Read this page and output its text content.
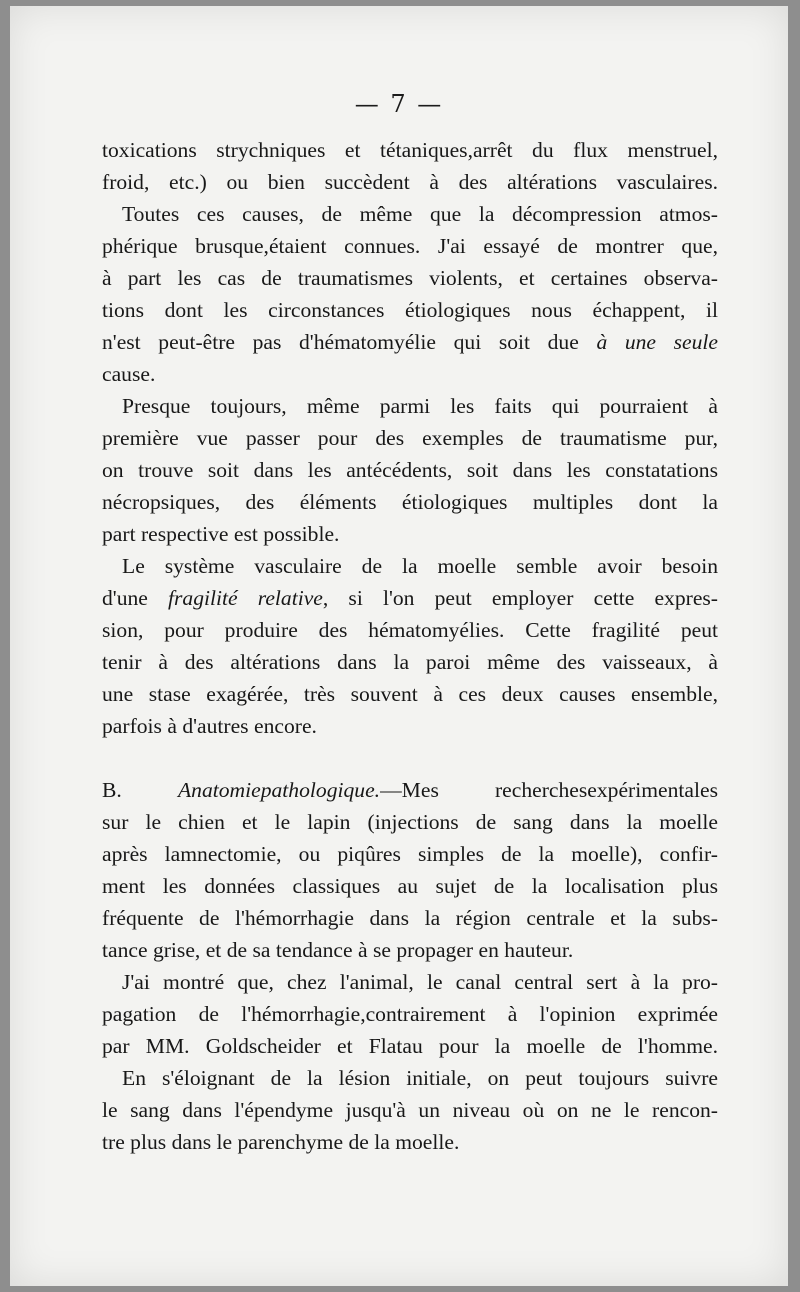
— 7 —
toxications strychniques et tétaniques,arrêt du flux menstruel,
froid, etc.) ou bien succèdent à des altérations vasculaires.
Toutes ces causes, de même que la décompression atmos-
phérique brusque,étaient connues. J'ai essayé de montrer que,
à part les cas de traumatismes violents, et certaines observa-
tions dont les circonstances étiologiques nous échappent, il
n'est peut-être pas d'hématomyélie qui soit due à une seule
cause.
Presque toujours, même parmi les faits qui pourraient à
première vue passer pour des exemples de traumatisme pur,
on trouve soit dans les antécédents, soit dans les constatations
nécropsiques, des éléments étiologiques multiples dont la
part respective est possible.
Le système vasculaire de la moelle semble avoir besoin
d'une fragilité relative, si l'on peut employer cette expres-
sion, pour produire des hématomyélies. Cette fragilité peut
tenir à des altérations dans la paroi même des vaisseaux, à
une stase exagérée, très souvent à ces deux causes ensemble,
parfois à d'autres encore.
B.	Anatomiepathologique.—Mes recherchesexpérimentales
sur le chien et le lapin (injections de sang dans la moelle
après lamnectomie, ou piqûres simples de la moelle), confir-
ment les données classiques au sujet de la localisation plus
fréquente de l'hémorrhagie dans la région centrale et la subs-
tance grise, et de sa tendance à se propager en hauteur.
J'ai montré que, chez l'animal, le canal central sert à la pro-
pagation de l'hémorrhagie,contrairement à l'opinion exprimée
par MM. Goldscheider et Flatau pour la moelle de l'homme.
En s'éloignant de la lésion initiale, on peut toujours suivre
le sang dans l'épendyme jusqu'à un niveau où on ne le rencon-
tre plus dans le parenchyme de la moelle.
